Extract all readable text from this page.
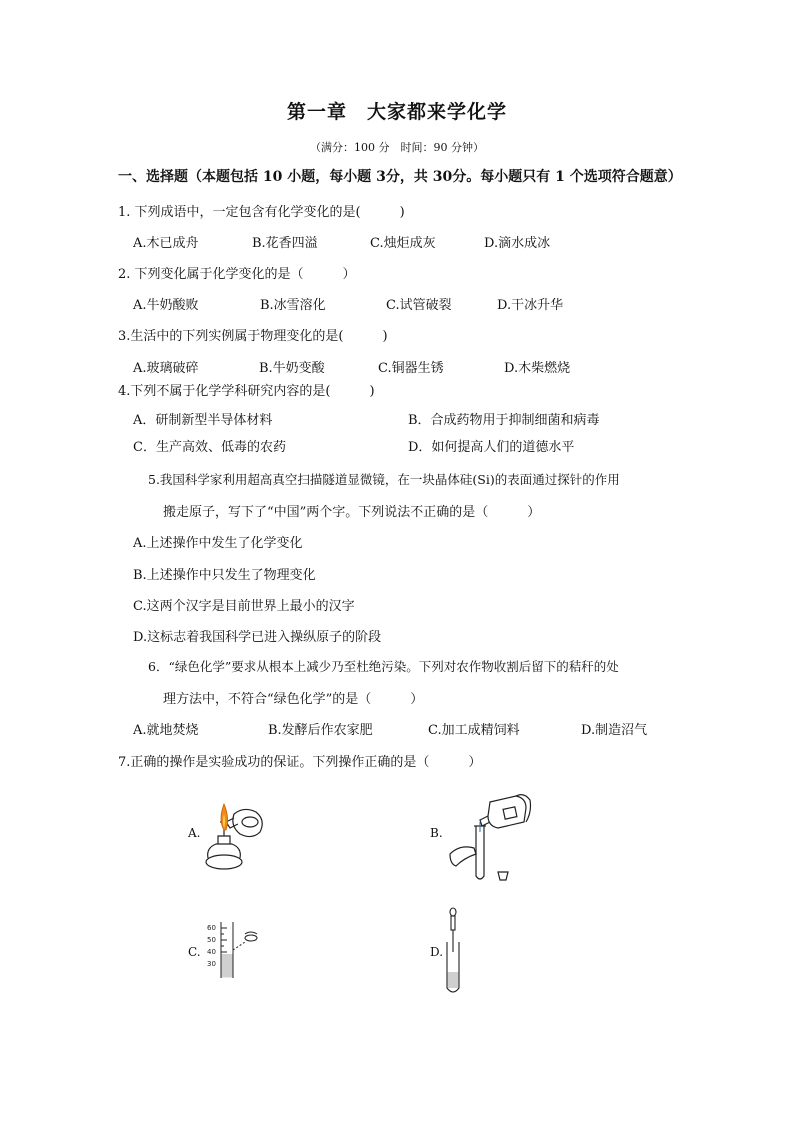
第一章　大家都来学化学
（满分：100 分　时间：90 分钟）
一、选择题（本题包括 10 小题，每小题 3分，共 30分。每小题只有 1 个选项符合题意）
1. 下列成语中，一定包含有化学变化的是(　　　)
A.木已成舟	B.花香四溢	C.烛炬成灰	D.滴水成冰
2. 下列变化属于化学变化的是（　　　）
A.牛奶酸败	B.冰雪溶化	C.试管破裂	D.干冰升华
3.生活中的下列实例属于物理变化的是(　　　)
A.玻璃破碎	B.牛奶变酸	C.铜器生锈	D.木柴燃烧
4.下列不属于化学学科研究内容的是(　　　)
A．研制新型半导体材料	B．合成药物用于抑制细菌和病毒
C．生产高效、低毒的农药	D．如何提高人们的道德水平
5.我国科学家利用超高真空扫描隧道显微镜，在一块晶体硅(Si)的表面通过探针的作用
搬走原子，写下了“中国”两个字。下列说法不正确的是（　　　）
A.上述操作中发生了化学变化
B.上述操作中只发生了物理变化
C.这两个汉字是目前世界上最小的汉字
D.这标志着我国科学已进入操纵原子的阶段
6．“绿色化学”要求从根本上减少乃至杜绝污染。下列对农作物收割后留下的秸秆的处
理方法中，不符合“绿色化学”的是（　　　）
A.就地焚烧	B.发酵后作农家肥	C.加工成精饲料	D.制造沼气
7.正确的操作是实验成功的保证。下列操作正确的是（　　　）
A.	B.
C.	D.
60
50
40
30
